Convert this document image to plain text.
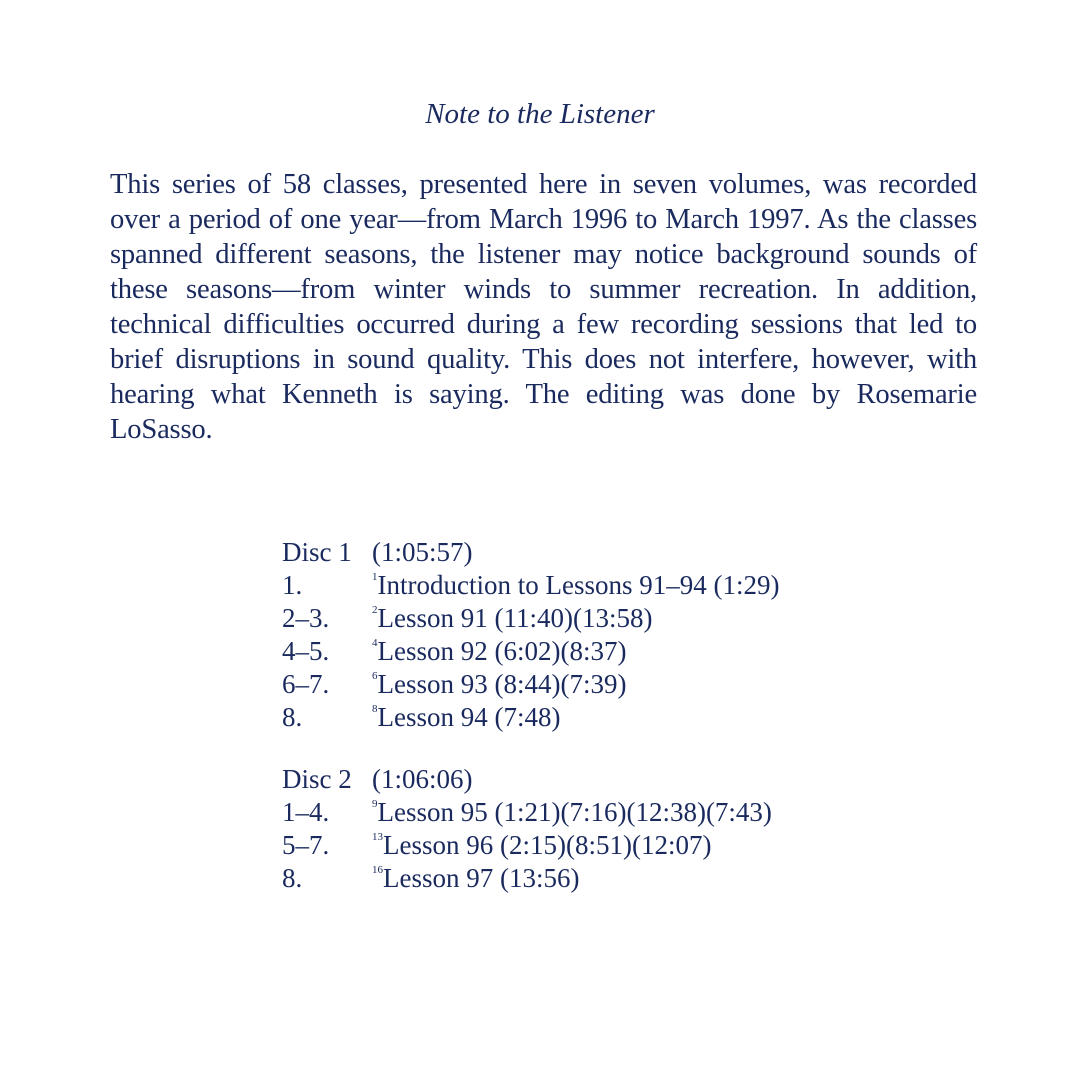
Note to the Listener

This series of 58 classes, presented here in seven volumes, was recorded over a period of one year—from March 1996 to March 1997. As the classes spanned different seasons, the listener may notice background sounds of these seasons—from winter winds to summer recreation. In addition, technical difficulties occurred during a few recording sessions that led to brief disruptions in sound quality. This does not interfere, however, with hearing what Kenneth is saying. The editing was done by Rosemarie LoSasso.

Disc 1 (1:05:57)
1.	$^1$Introduction to Lessons 91–94 (1:29)
2–3.	$^2$Lesson 91 (11:40)(13:58)
4–5.	$^4$Lesson 92 (6:02)(8:37)
6–7.	$^6$Lesson 93 (8:44)(7:39)
8.	$^8$Lesson 94 (7:48)
Disc 2 (1:06:06)
1–4.	$^9$Lesson 95 (1:21)(7:16)(12:38)(7:43)
5–7.	$^{13}$Lesson 96 (2:15)(8:51)(12:07)
8.	$^{16}$Lesson 97 (13:56)
